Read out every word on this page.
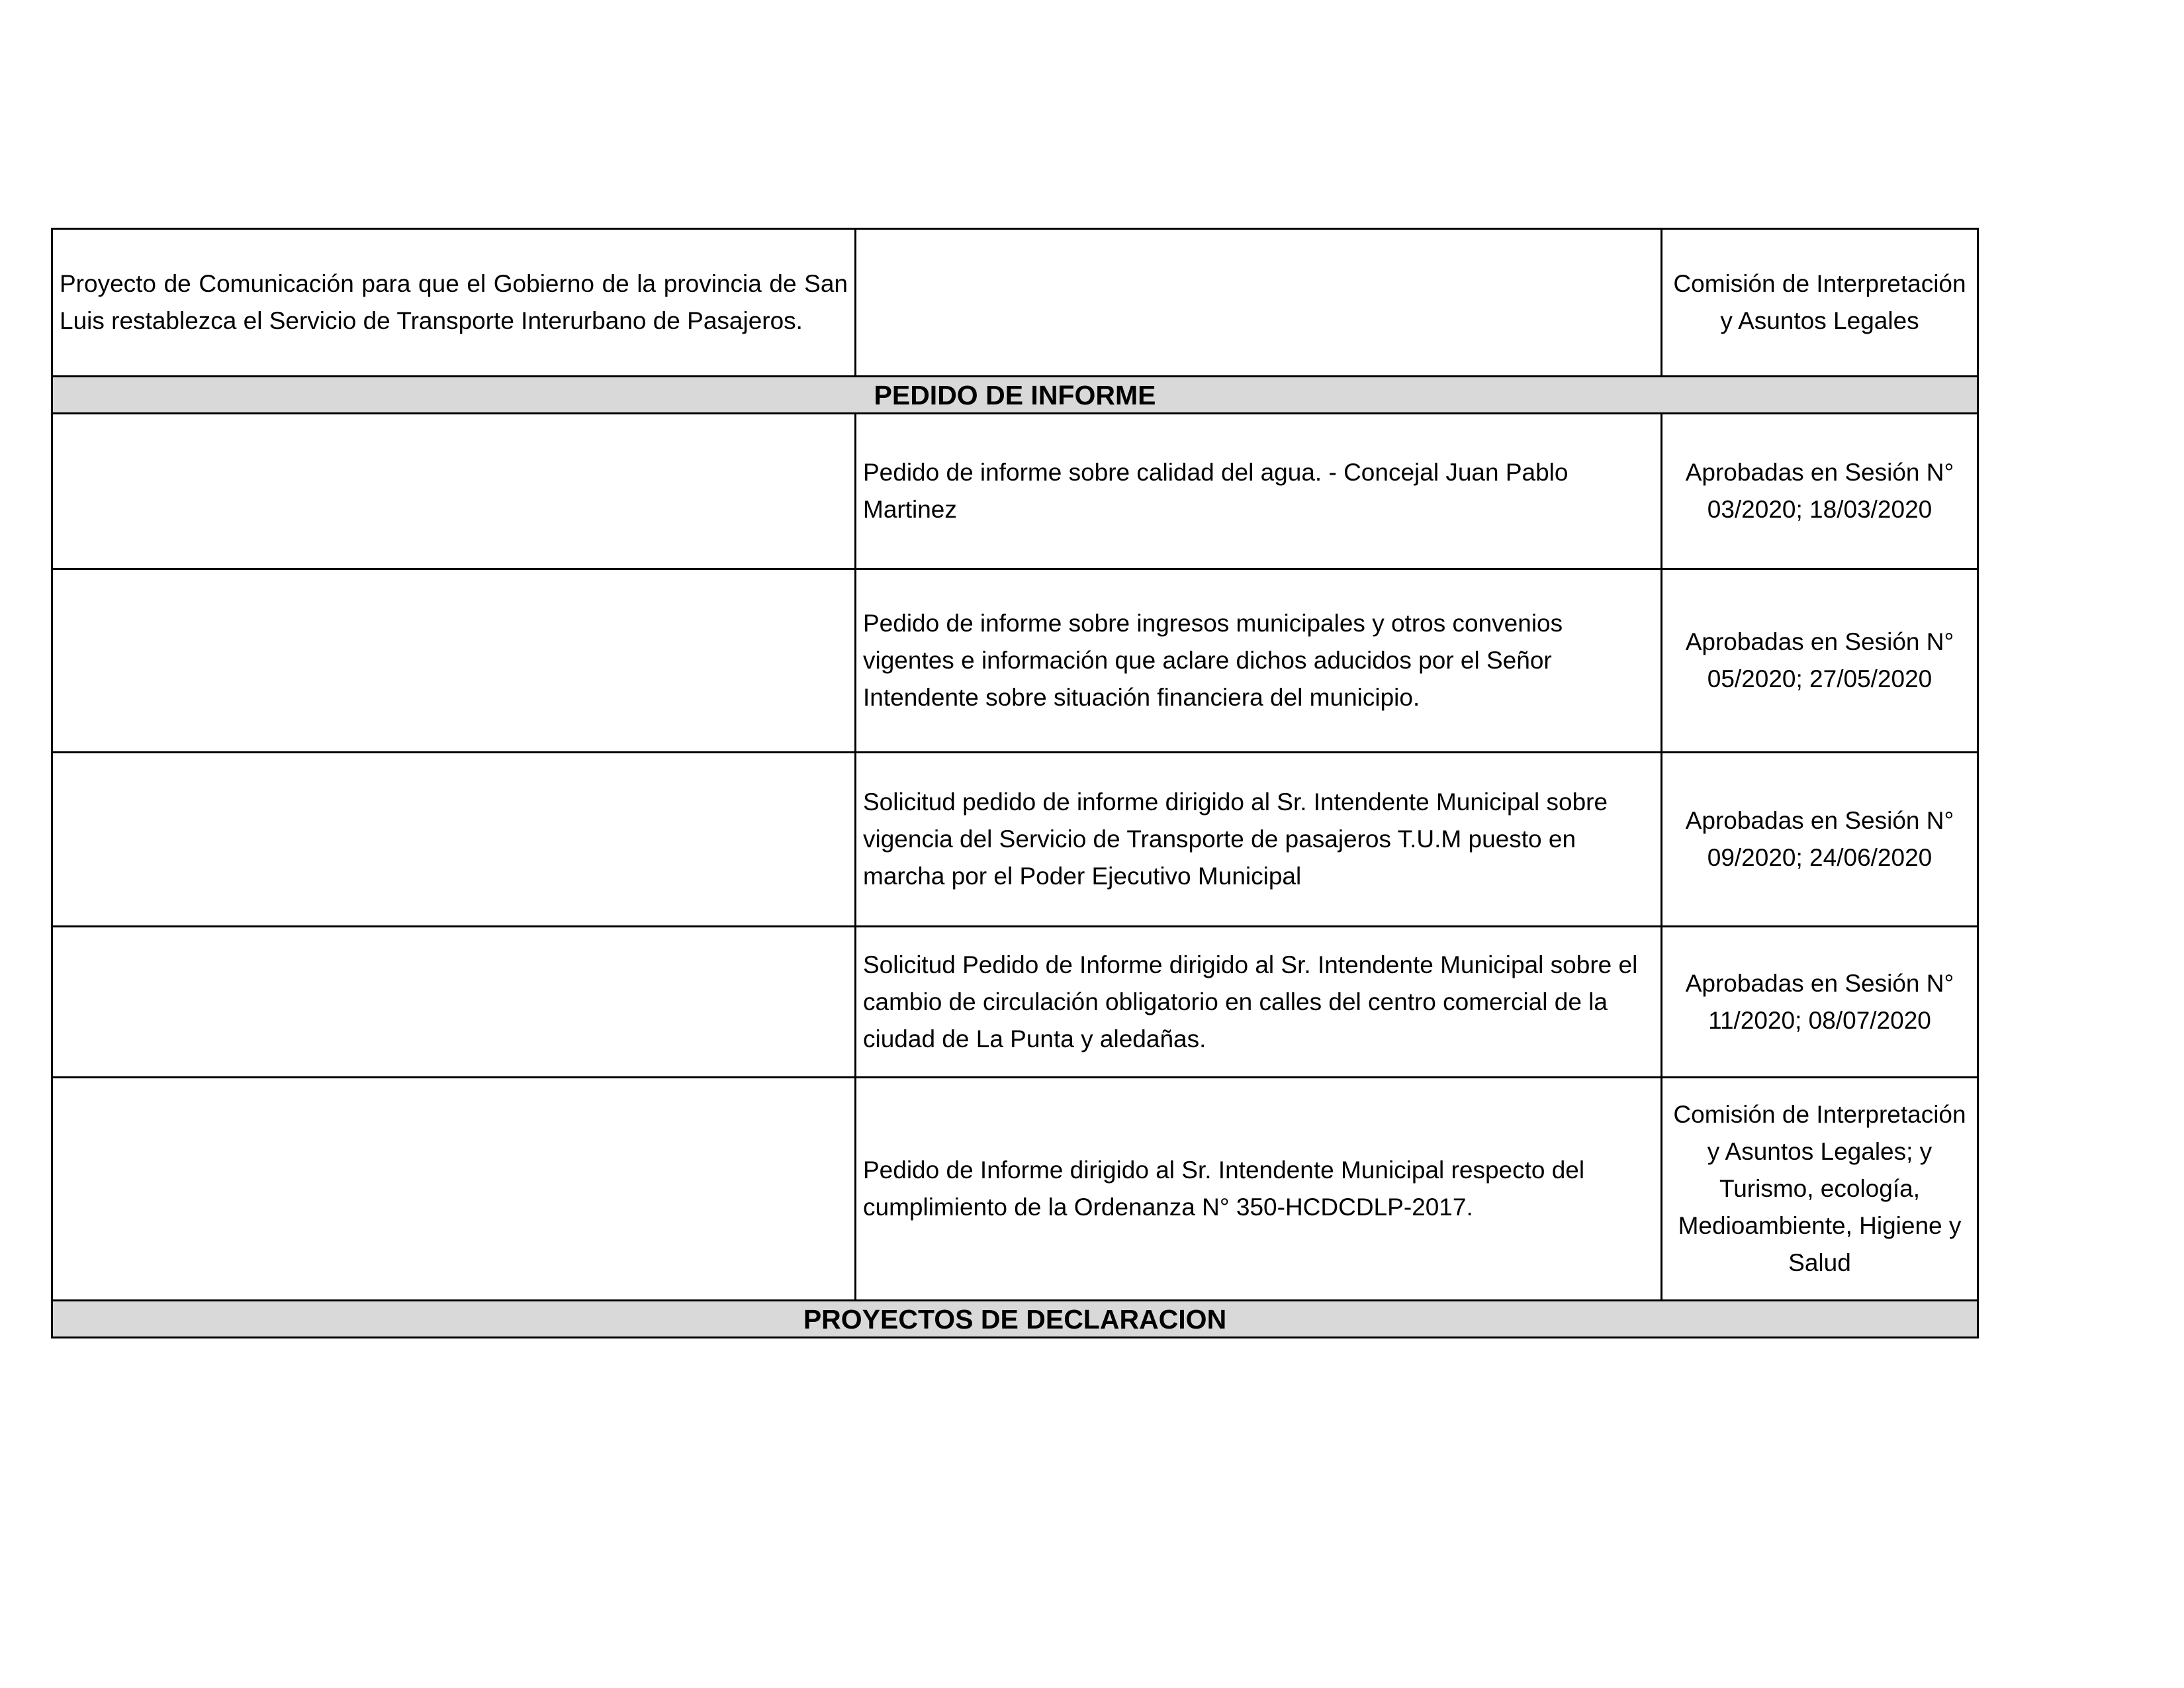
Proyecto de Comunicación para que el Gobierno de la provincia de San Luis restablezca el Servicio de Transporte Interurbano de Pasajeros.		Comisión de Interpretación y Asuntos Legales
PEDIDO DE INFORME		
	Pedido de informe sobre calidad del agua. - Concejal Juan Pablo Martinez	Aprobadas en Sesión N° 03/2020; 18/03/2020
	Pedido de informe sobre ingresos municipales y otros convenios vigentes e información que aclare dichos aducidos por el Señor Intendente sobre situación financiera del municipio.	Aprobadas en Sesión N° 05/2020; 27/05/2020
	Solicitud pedido de informe dirigido al Sr. Intendente Municipal sobre vigencia del Servicio de Transporte de pasajeros T.U.M puesto en marcha por el Poder Ejecutivo Municipal	Aprobadas en Sesión N° 09/2020; 24/06/2020
	Solicitud Pedido de Informe dirigido al Sr. Intendente Municipal sobre el cambio de circulación obligatorio en calles del centro comercial de la ciudad de La Punta y aledañas.	Aprobadas en Sesión N° 11/2020; 08/07/2020
	Pedido de Informe dirigido al Sr. Intendente Municipal respecto del cumplimiento de la Ordenanza N° 350-HCDCDLP-2017.	Comisión de Interpretación y Asuntos Legales; y Turismo, ecología, Medioambiente, Higiene y Salud
PROYECTOS DE DECLARACION		
